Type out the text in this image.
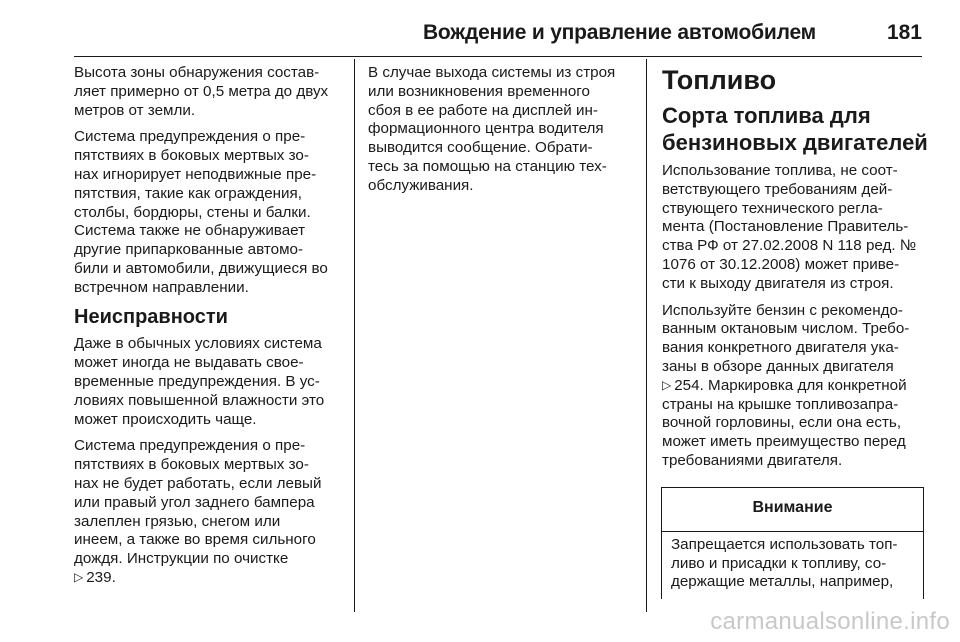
Вождение и управление автомобилем	181
Высота зоны обнаружения состав-
ляет примерно от 0,5 метра до двух
метров от земли.
Система предупреждения о пре-
пятствиях в боковых мертвых зо-
нах игнорирует неподвижные пре-
пятствия, такие как ограждения,
столбы, бордюры, стены и балки.
Система также не обнаруживает
другие припаркованные автомо-
били и автомобили, движущиеся во
встречном направлении.
Неисправности
Даже в обычных условиях система
может иногда не выдавать свое-
временные предупреждения. В ус-
ловиях повышенной влажности это
может происходить чаще.
Система предупреждения о пре-
пятствиях в боковых мертвых зо-
нах не будет работать, если левый
или правый угол заднего бампера
залеплен грязью, снегом или
инеем, а также во время сильного
дождя. Инструкции по очистке
▷ 239.
В случае выхода системы из строя
или возникновения временного
сбоя в ее работе на дисплей ин-
формационного центра водителя
выводится сообщение. Обрати-
тесь за помощью на станцию тех-
обслуживания.
Топливо
Сорта топлива для
бензиновых двигателей
Использование топлива, не соот-
ветствующего требованиям дей-
ствующего технического регла-
мента (Постановление Правитель-
ства РФ от 27.02.2008 N 118 ред. №
1076 от 30.12.2008) может приве-
сти к выходу двигателя из строя.
Используйте бензин с рекомендо-
ванным октановым числом. Требо-
вания конкретного двигателя ука-
заны в обзоре данных двигателя
▷ 254. Маркировка для конкретной
страны на крышке топливозапра-
вочной горловины, если она есть,
может иметь преимущество перед
требованиями двигателя.
Внимание
Запрещается использовать топ-
ливо и присадки к топливу, со-
держащие металлы, например,
carmanualsonline.info
